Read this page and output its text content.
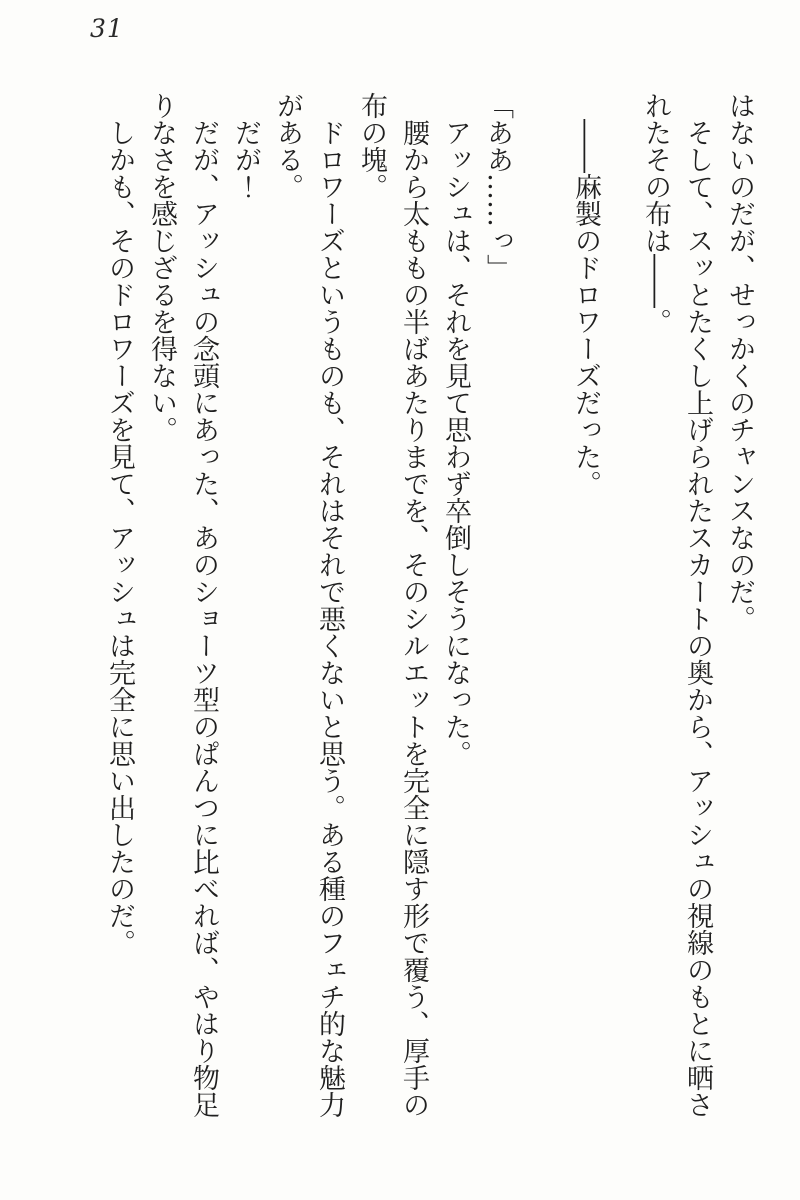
31

はないのだが、せっかくのチャンスなのだ。

そして、スッとたくし上げられたスカートの奥から、アッシュの視線のもとに晒されたその布は――。

――麻製のドロワーズだった。

「ああ……っ」

アッシュは、それを見て思わず卒倒しそうになった。

腰から太ももの半ばあたりまでを、そのシルエットを完全に隠す形で覆う、厚手の布の塊。

ドロワーズというものも、それはそれで悪くないと思う。ある種のフェチ的な魅力がある。

だが！

だが、アッシュの念頭にあった、あのショーツ型のぱんつに比べれば、やはり物足りなさを感じざるを得ない。

しかも、そのドロワーズを見て、アッシュは完全に思い出したのだ。
